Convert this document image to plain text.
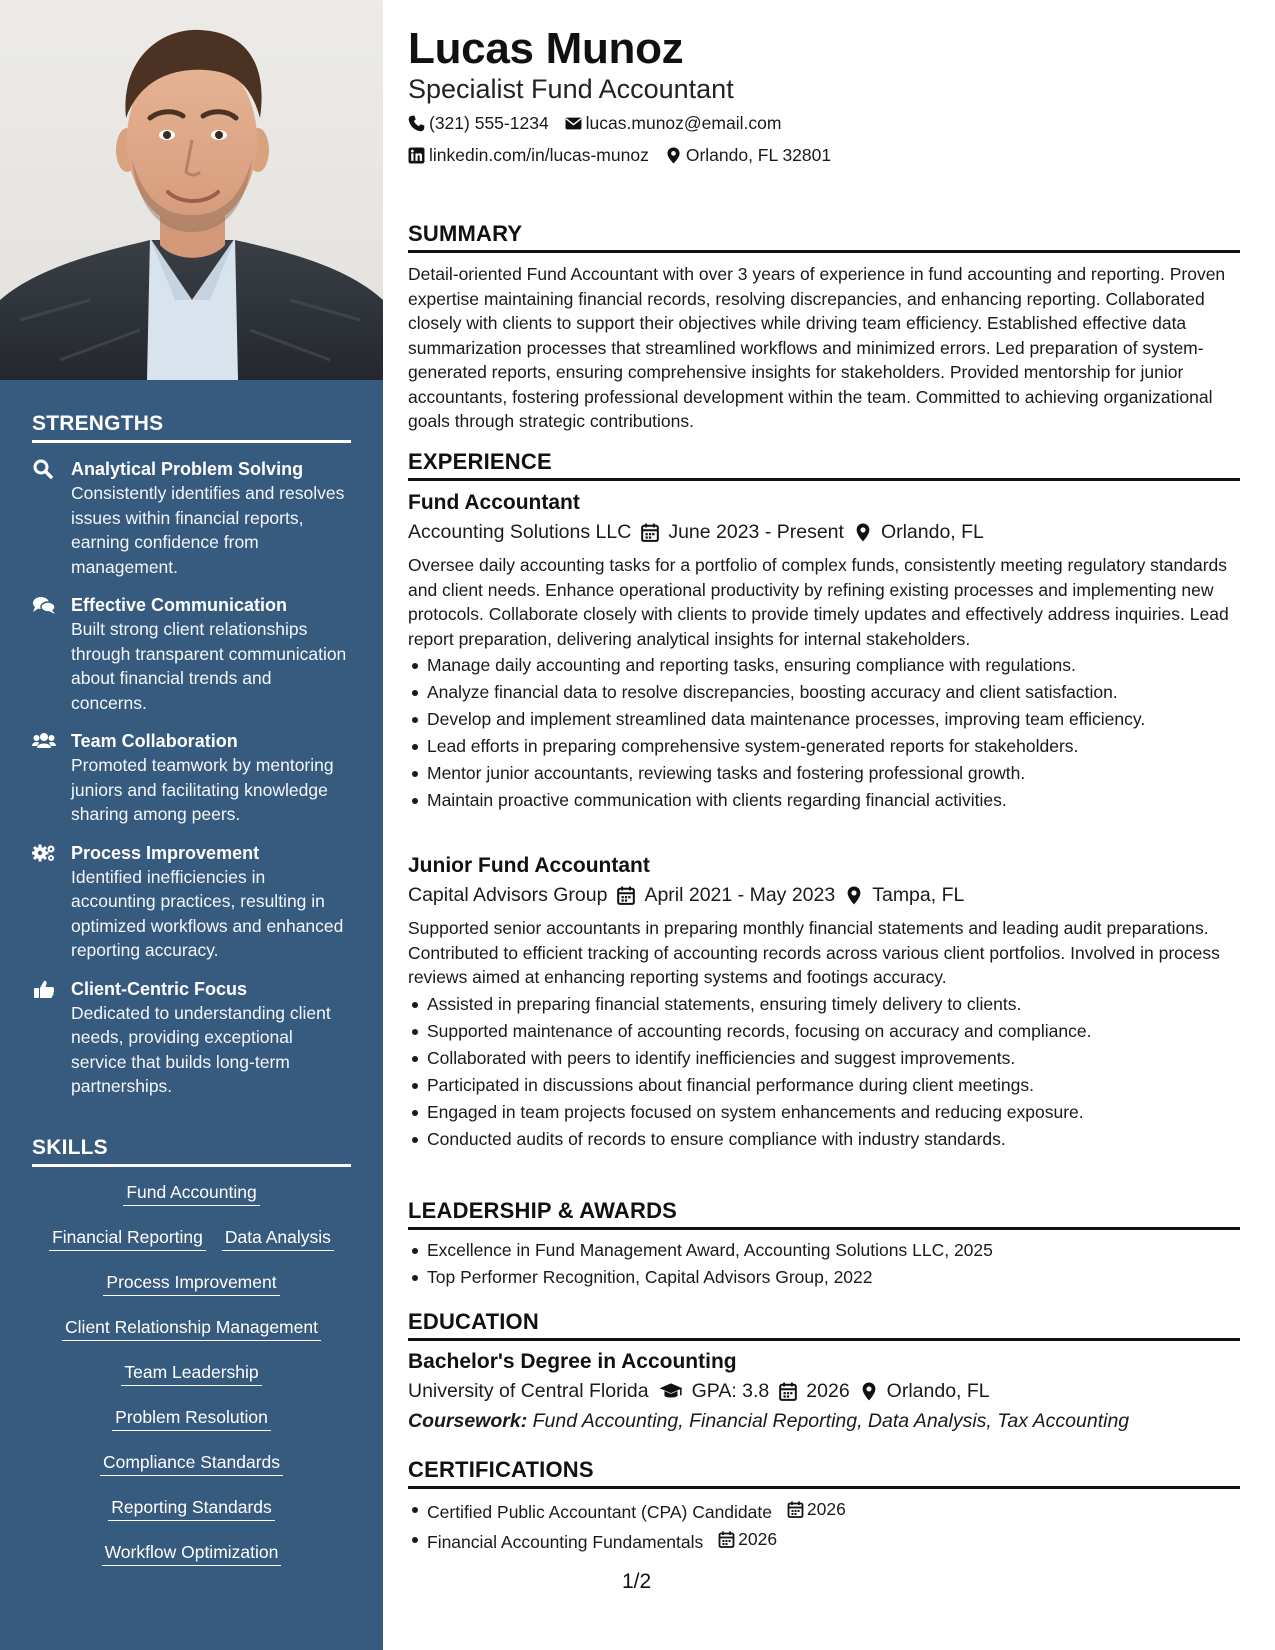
STRENGTHS
Analytical Problem Solving
Consistently identifies and resolves issues within financial reports, earning confidence from management.
Effective Communication
Built strong client relationships through transparent communication about financial trends and concerns.
Team Collaboration
Promoted teamwork by mentoring juniors and facilitating knowledge sharing among peers.
Process Improvement
Identified inefficiencies in accounting practices, resulting in optimized workflows and enhanced reporting accuracy.
Client-Centric Focus
Dedicated to understanding client needs, providing exceptional service that builds long-term partnerships.
SKILLS
Fund Accounting
Financial Reporting Data Analysis
Process Improvement
Client Relationship Management
Team Leadership
Problem Resolution
Compliance Standards
Reporting Standards
Workflow Optimization
Lucas Munoz
Specialist Fund Accountant
(321) 555-1234 lucas.munoz@email.com
linkedin.com/in/lucas-munoz Orlando, FL 32801
SUMMARY
Detail-oriented Fund Accountant with over 3 years of experience in fund accounting and reporting. Proven expertise maintaining financial records, resolving discrepancies, and enhancing reporting. Collaborated closely with clients to support their objectives while driving team efficiency. Established effective data summarization processes that streamlined workflows and minimized errors. Led preparation of system-generated reports, ensuring comprehensive insights for stakeholders. Provided mentorship for junior accountants, fostering professional development within the team. Committed to achieving organizational goals through strategic contributions.
EXPERIENCE
Fund Accountant
Accounting Solutions LLC June 2023 - Present Orlando, FL
Oversee daily accounting tasks for a portfolio of complex funds, consistently meeting regulatory standards and client needs. Enhance operational productivity by refining existing processes and implementing new protocols. Collaborate closely with clients to provide timely updates and effectively address inquiries. Lead report preparation, delivering analytical insights for internal stakeholders.
Manage daily accounting and reporting tasks, ensuring compliance with regulations.
Analyze financial data to resolve discrepancies, boosting accuracy and client satisfaction.
Develop and implement streamlined data maintenance processes, improving team efficiency.
Lead efforts in preparing comprehensive system-generated reports for stakeholders.
Mentor junior accountants, reviewing tasks and fostering professional growth.
Maintain proactive communication with clients regarding financial activities.
Junior Fund Accountant
Capital Advisors Group April 2021 - May 2023 Tampa, FL
Supported senior accountants in preparing monthly financial statements and leading audit preparations. Contributed to efficient tracking of accounting records across various client portfolios. Involved in process reviews aimed at enhancing reporting systems and footings accuracy.
Assisted in preparing financial statements, ensuring timely delivery to clients.
Supported maintenance of accounting records, focusing on accuracy and compliance.
Collaborated with peers to identify inefficiencies and suggest improvements.
Participated in discussions about financial performance during client meetings.
Engaged in team projects focused on system enhancements and reducing exposure.
Conducted audits of records to ensure compliance with industry standards.
LEADERSHIP & AWARDS
Excellence in Fund Management Award, Accounting Solutions LLC, 2025
Top Performer Recognition, Capital Advisors Group, 2022
EDUCATION
Bachelor's Degree in Accounting
University of Central Florida GPA: 3.8 2026 Orlando, FL
Coursework: Fund Accounting, Financial Reporting, Data Analysis, Tax Accounting
CERTIFICATIONS
Certified Public Accountant (CPA) Candidate 2026
Financial Accounting Fundamentals 2026
1/2
